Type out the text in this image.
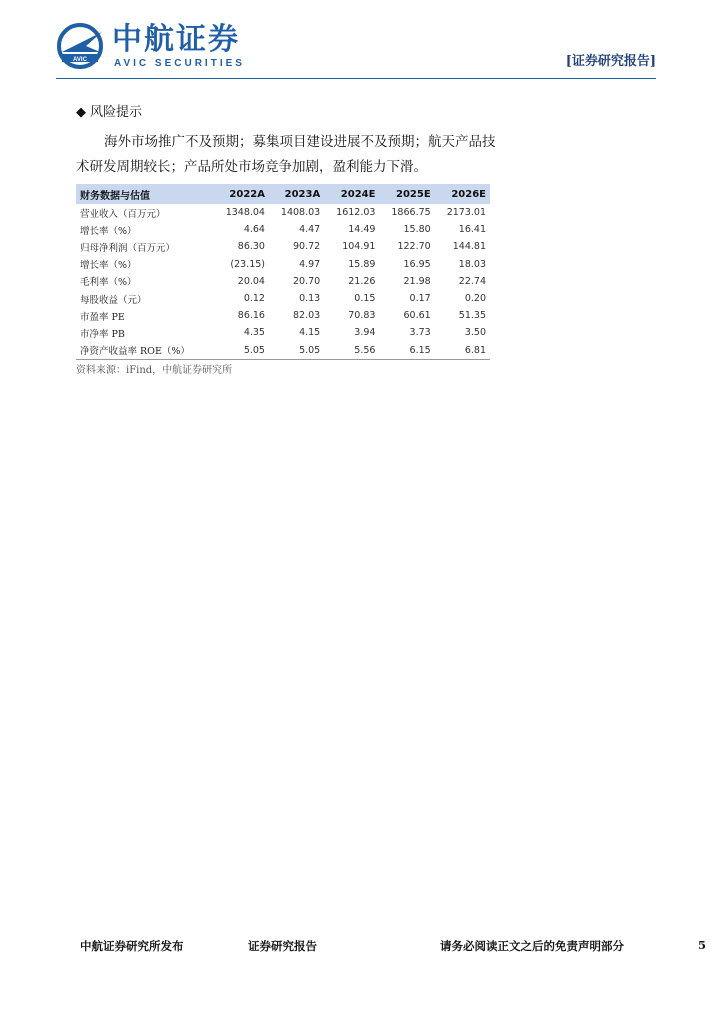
AVIC
中航证券
AVIC SECURITIES	[证券研究报告]
◆ 风险提示
海外市场推广不及预期；募集项目建设进展不及预期；航天产品技术研发周期较长；产品所处市场竞争加剧，盈利能力下滑。
财务数据与估值	2022A	2023A	2024E	2025E	2026E
营业收入（百万元）	1348.04	1408.03	1612.03	1866.75	2173.01
增长率（%）	4.64	4.47	14.49	15.80	16.41
归母净利润（百万元）	86.30	90.72	104.91	122.70	144.81
增长率（%）	(23.15)	4.97	15.89	16.95	18.03
毛利率（%）	20.04	20.70	21.26	21.98	22.74
每股收益（元）	0.12	0.13	0.15	0.17	0.20
市盈率 PE	86.16	82.03	70.83	60.61	51.35
市净率 PB	4.35	4.15	3.94	3.73	3.50
净资产收益率 ROE（%）	5.05	5.05	5.56	6.15	6.81
资料来源：iFind，中航证券研究所
中航证券研究所发布	证券研究报告	请务必阅读正文之后的免责声明部分	5
